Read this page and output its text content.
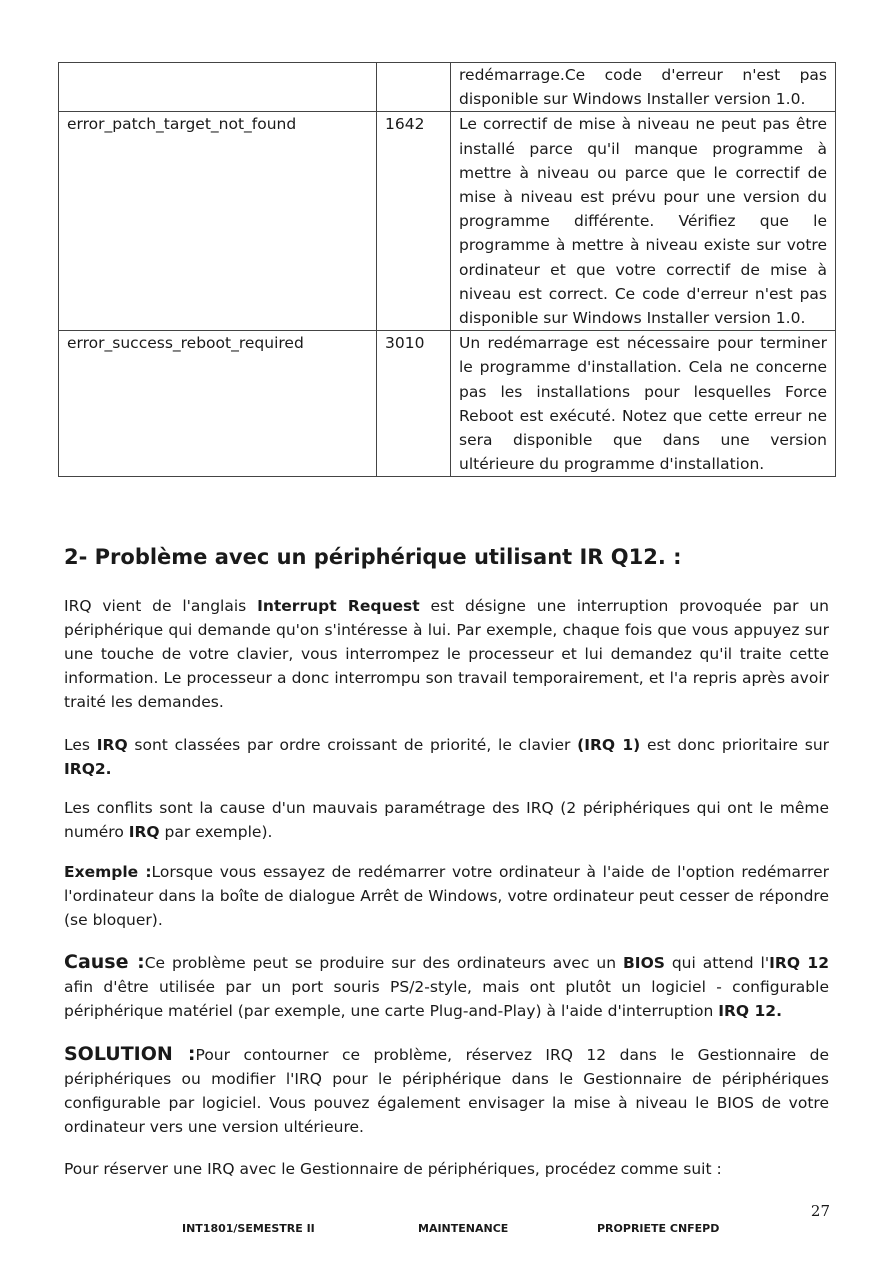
		redémarrage.Ce code d'erreur n'est pas disponible sur Windows Installer version 1.0.
error_patch_target_not_found	1642	Le correctif de mise à niveau ne peut pas être installé parce qu'il manque programme à mettre à niveau ou parce que le correctif de mise à niveau est prévu pour une version du programme différente. Vérifiez que le programme à mettre à niveau existe sur votre ordinateur et que votre correctif de mise à niveau est correct. Ce code d'erreur n'est pas disponible sur Windows Installer version 1.0.
error_success_reboot_required	3010	Un redémarrage est nécessaire pour terminer le programme d'installation. Cela ne concerne pas les installations pour lesquelles Force Reboot est exécuté. Notez que cette erreur ne sera disponible que dans une version ultérieure du programme d'installation.
2- Problème avec un périphérique utilisant IR Q12. :

IRQ vient de l'anglais Interrupt Request est désigne une interruption provoquée par un périphérique qui demande qu'on s'intéresse à lui. Par exemple, chaque fois que vous appuyez sur une touche de votre clavier, vous interrompez le processeur et lui demandez qu'il traite cette information. Le processeur a donc interrompu son travail temporairement, et l'a repris après avoir traité les demandes.

Les IRQ sont classées par ordre croissant de priorité, le clavier (IRQ 1) est donc prioritaire sur IRQ2.

Les conflits sont la cause d'un mauvais paramétrage des IRQ (2 périphériques qui ont le même numéro IRQ par exemple).

Exemple :Lorsque vous essayez de redémarrer votre ordinateur à l'aide de l'option redémarrer l'ordinateur dans la boîte de dialogue Arrêt de Windows, votre ordinateur peut cesser de répondre (se bloquer).

Cause :Ce problème peut se produire sur des ordinateurs avec un BIOS qui attend l'IRQ 12 afin d'être utilisée par un port souris PS/2-style, mais ont plutôt un logiciel - configurable périphérique matériel (par exemple, une carte Plug-and-Play) à l'aide d'interruption IRQ 12.

SOLUTION :Pour contourner ce problème, réservez IRQ 12 dans le Gestionnaire de périphériques ou modifier l'IRQ pour le périphérique dans le Gestionnaire de périphériques configurable par logiciel. Vous pouvez également envisager la mise à niveau le BIOS de votre ordinateur vers une version ultérieure.

Pour réserver une IRQ avec le Gestionnaire de périphériques, procédez comme suit :

27
INT1801/SEMESTRE II	MAINTENANCE	PROPRIETE CNFEPD
